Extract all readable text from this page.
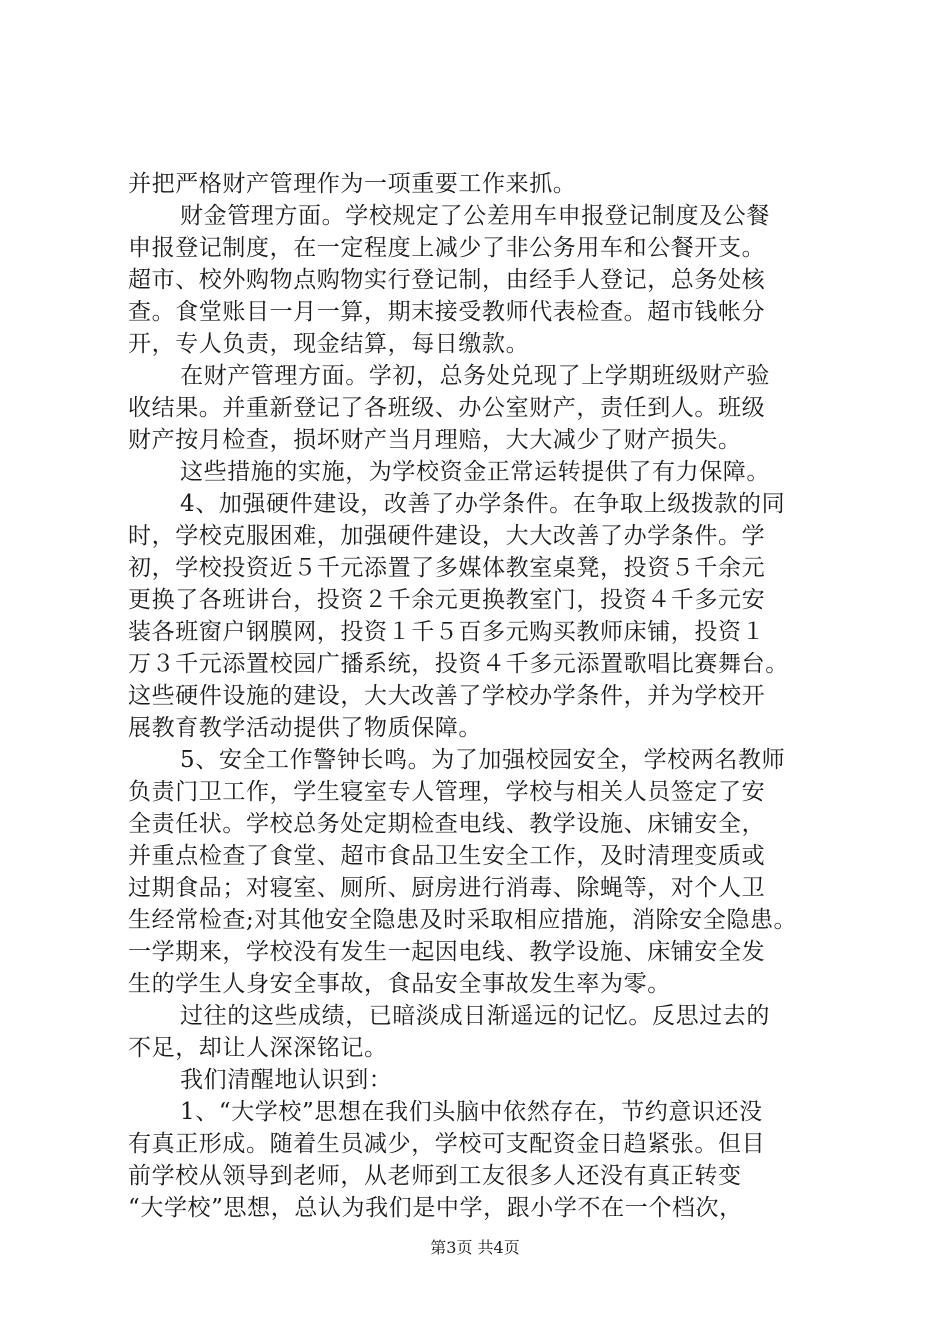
并把严格财产管理作为一项重要工作来抓。
财金管理方面。学校规定了公差用车申报登记制度及公餐
申报登记制度，在一定程度上减少了非公务用车和公餐开支。
超市、校外购物点购物实行登记制，由经手人登记，总务处核
查。食堂账目一月一算，期末接受教师代表检查。超市钱帐分
开，专人负责，现金结算，每日缴款。
在财产管理方面。学初，总务处兑现了上学期班级财产验
收结果。并重新登记了各班级、办公室财产，责任到人。班级
财产按月检查，损坏财产当月理赔，大大减少了财产损失。
这些措施的实施，为学校资金正常运转提供了有力保障。
4、加强硬件建设，改善了办学条件。在争取上级拨款的同
时，学校克服困难，加强硬件建设，大大改善了办学条件。学
初，学校投资近５千元添置了多媒体教室桌凳，投资５千余元
更换了各班讲台，投资２千余元更换教室门，投资４千多元安
装各班窗户钢膜网，投资１千５百多元购买教师床铺，投资１
万３千元添置校园广播系统，投资４千多元添置歌唱比赛舞台。
这些硬件设施的建设，大大改善了学校办学条件，并为学校开
展教育教学活动提供了物质保障。
5、安全工作警钟长鸣。为了加强校园安全，学校两名教师
负责门卫工作，学生寝室专人管理，学校与相关人员签定了安
全责任状。学校总务处定期检查电线、教学设施、床铺安全，
并重点检查了食堂、超市食品卫生安全工作，及时清理变质或
过期食品；对寝室、厕所、厨房进行消毒、除蝇等，对个人卫
生经常检查;对其他安全隐患及时采取相应措施，消除安全隐患。
一学期来，学校没有发生一起因电线、教学设施、床铺安全发
生的学生人身安全事故，食品安全事故发生率为零。
过往的这些成绩，已暗淡成日渐遥远的记忆。反思过去的
不足，却让人深深铭记。
我们清醒地认识到：
1、“大学校”思想在我们头脑中依然存在，节约意识还没
有真正形成。随着生员减少，学校可支配资金日趋紧张。但目
前学校从领导到老师，从老师到工友很多人还没有真正转变
“大学校”思想，总认为我们是中学，跟小学不在一个档次，
第3页 共4页
